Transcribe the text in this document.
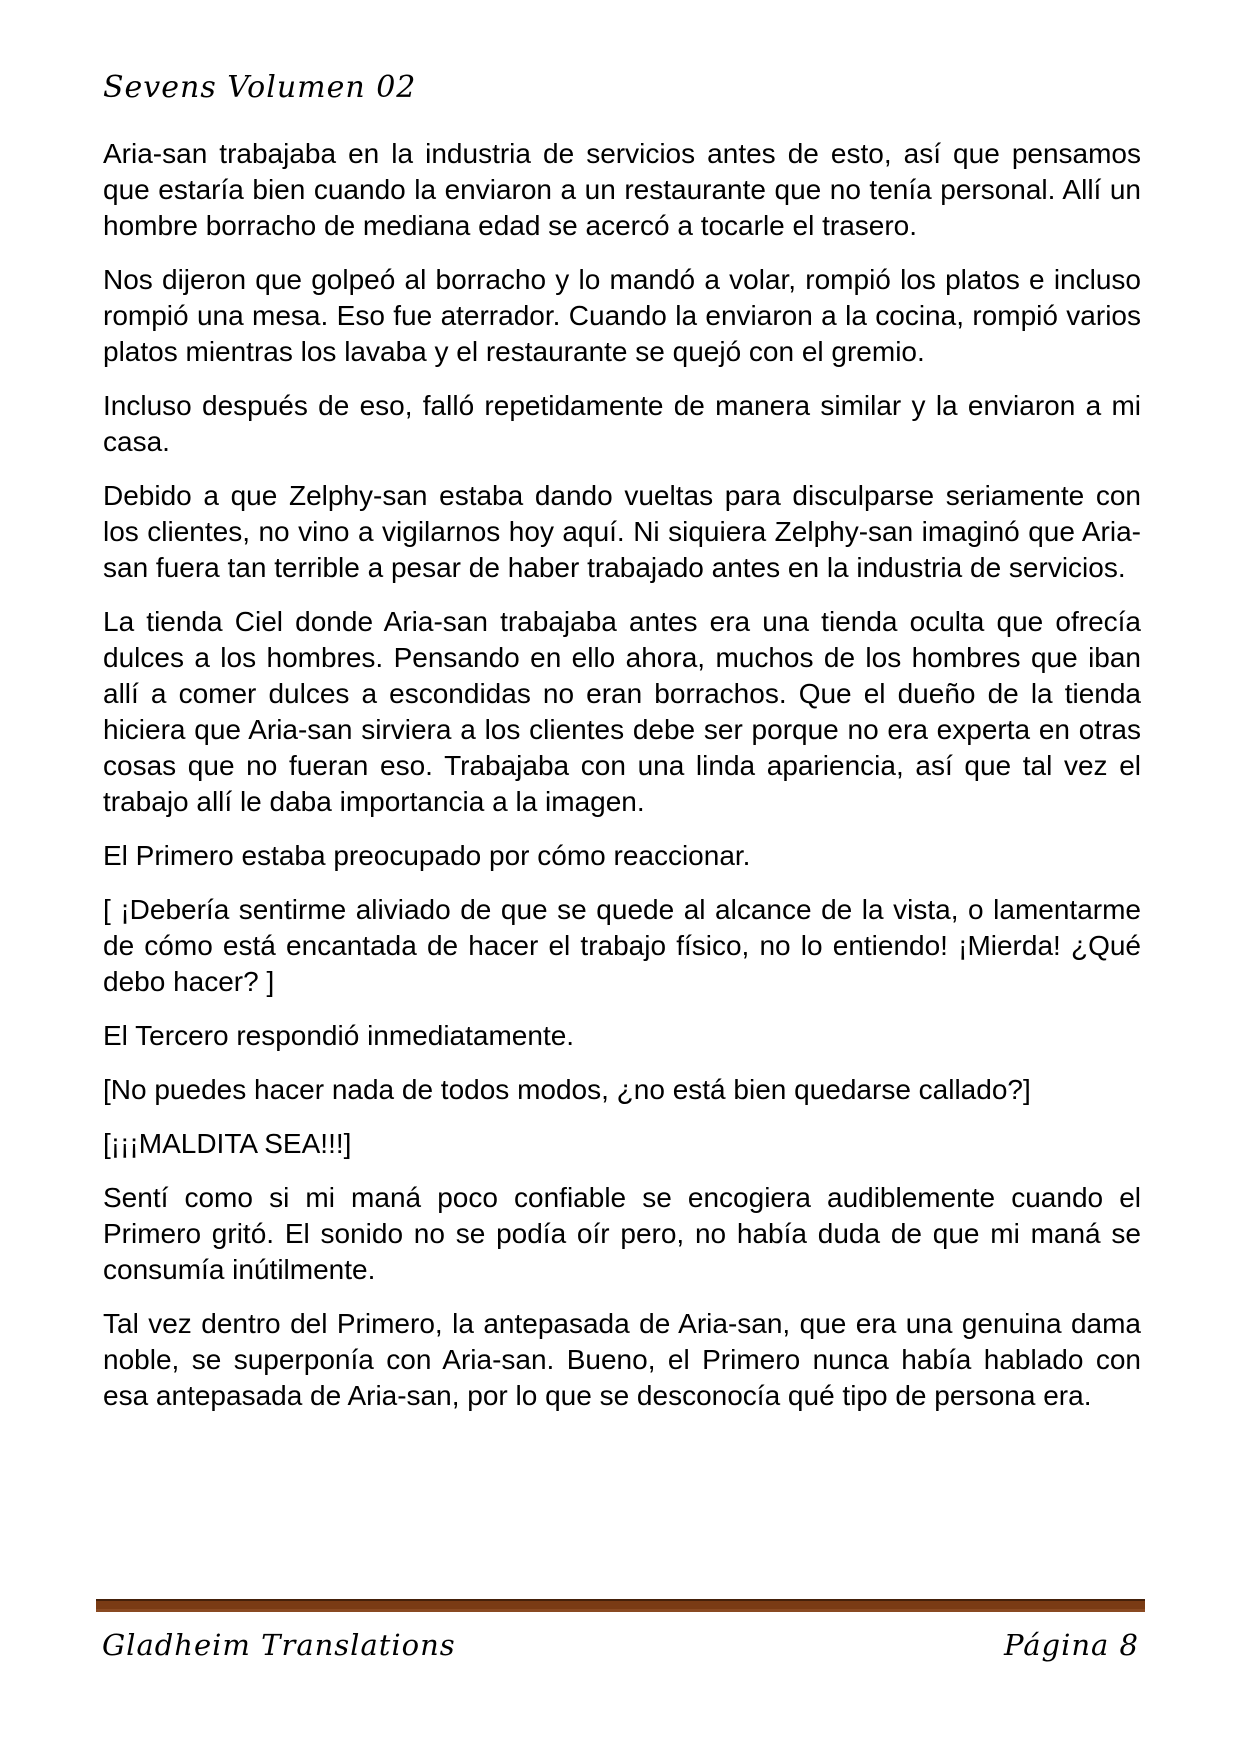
Sevens Volumen 02

Aria-san trabajaba en la industria de servicios antes de esto, así que pensamos que estaría bien cuando la enviaron a un restaurante que no tenía personal. Allí un hombre borracho de mediana edad se acercó a tocarle el trasero.

Nos dijeron que golpeó al borracho y lo mandó a volar, rompió los platos e incluso rompió una mesa. Eso fue aterrador. Cuando la enviaron a la cocina, rompió varios platos mientras los lavaba y el restaurante se quejó con el gremio.

Incluso después de eso, falló repetidamente de manera similar y la enviaron a mi casa.

Debido a que Zelphy-san estaba dando vueltas para disculparse seriamente con los clientes, no vino a vigilarnos hoy aquí. Ni siquiera Zelphy-san imaginó que Aria-san fuera tan terrible a pesar de haber trabajado antes en la industria de servicios.

La tienda Ciel donde Aria-san trabajaba antes era una tienda oculta que ofrecía dulces a los hombres. Pensando en ello ahora, muchos de los hombres que iban allí a comer dulces a escondidas no eran borrachos. Que el dueño de la tienda hiciera que Aria-san sirviera a los clientes debe ser porque no era experta en otras cosas que no fueran eso. Trabajaba con una linda apariencia, así que tal vez el trabajo allí le daba importancia a la imagen.

El Primero estaba preocupado por cómo reaccionar.

[ ¡Debería sentirme aliviado de que se quede al alcance de la vista, o lamentarme de cómo está encantada de hacer el trabajo físico, no lo entiendo! ¡Mierda! ¿Qué debo hacer? ]

El Tercero respondió inmediatamente.

[No puedes hacer nada de todos modos, ¿no está bien quedarse callado?]

[¡¡¡MALDITA SEA!!!]

Sentí como si mi maná poco confiable se encogiera audiblemente cuando el Primero gritó. El sonido no se podía oír pero, no había duda de que mi maná se consumía inútilmente.

Tal vez dentro del Primero, la antepasada de Aria-san, que era una genuina dama noble, se superponía con Aria-san. Bueno, el Primero nunca había hablado con esa antepasada de Aria-san, por lo que se desconocía qué tipo de persona era.

Gladheim Translations	Página 8
